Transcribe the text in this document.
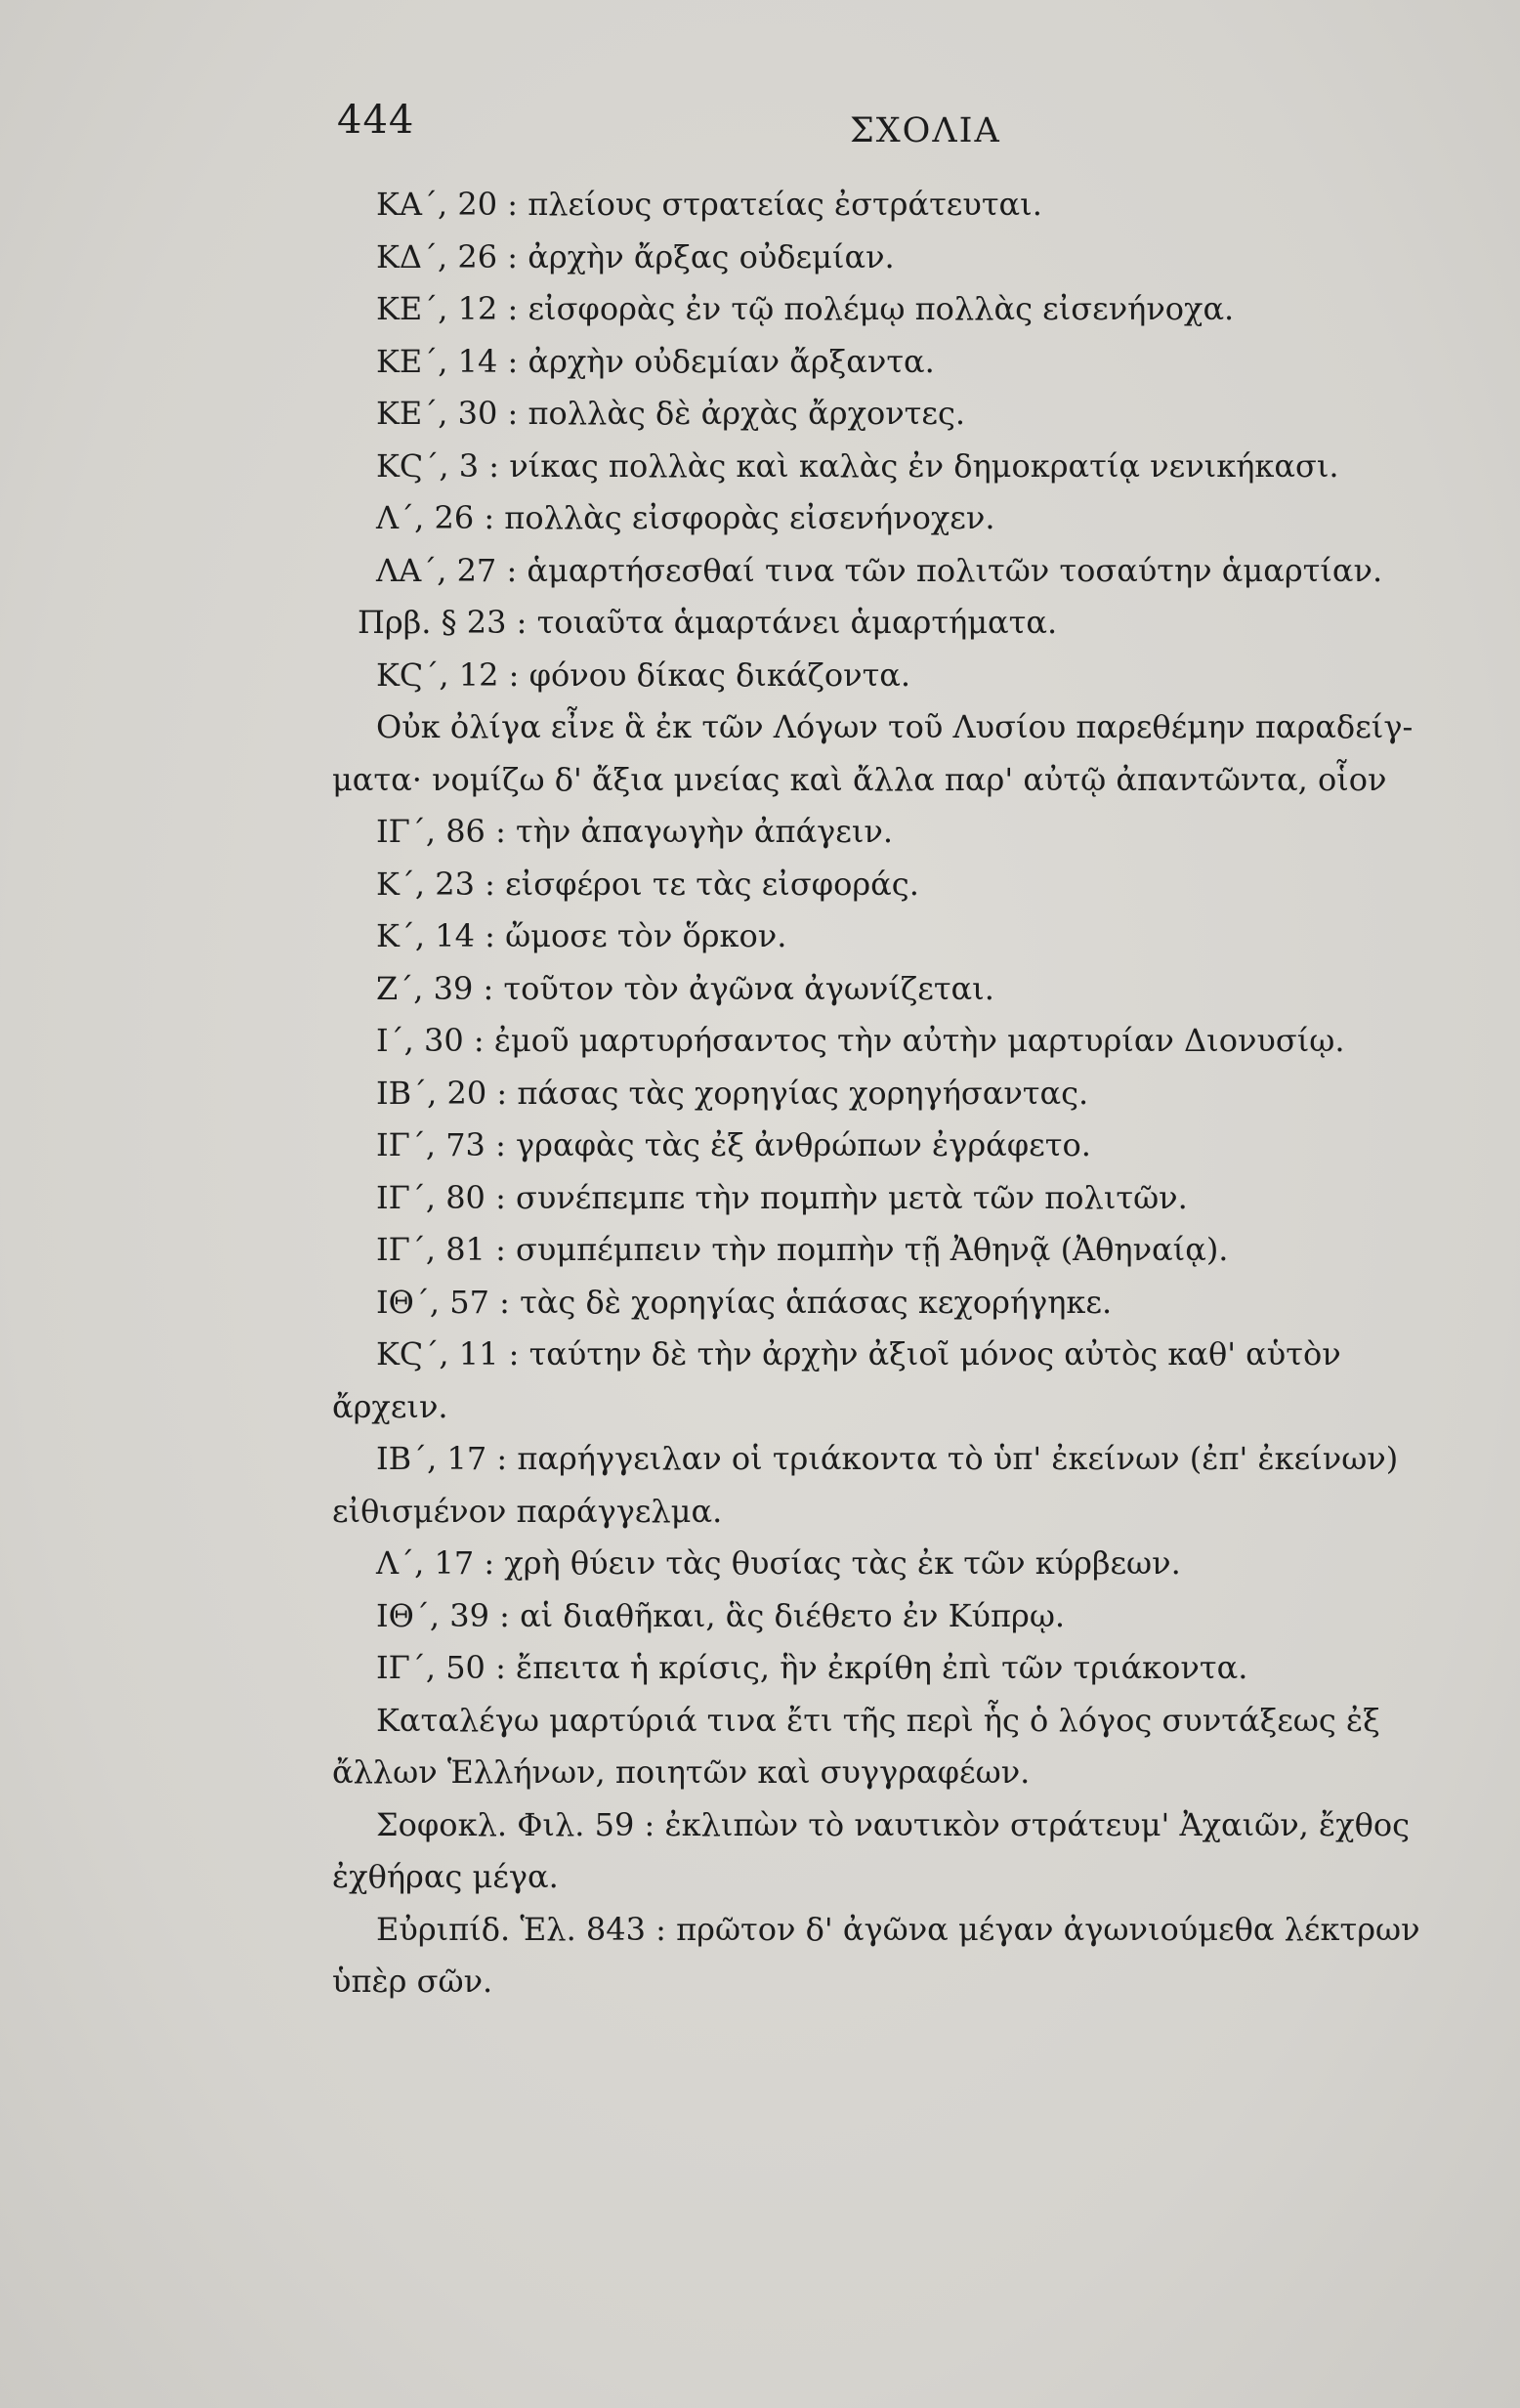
444	ΣΧΟΛΙΑ
ΚΑ΄, 20 : πλείους στρατείας ἐστράτευται.
ΚΔ΄, 26 : ἀρχὴν ἄρξας οὐδεμίαν.
ΚΕ΄, 12 : εἰσφορὰς ἐν τῷ πολέμῳ πολλὰς εἰσενήνοχα.
ΚΕ΄, 14 : ἀρχὴν οὐδεμίαν ἄρξαντα.
ΚΕ΄, 30 : πολλὰς δὲ ἀρχὰς ἄρχοντες.
ΚϚ΄, 3 : νίκας πολλὰς καὶ καλὰς ἐν δημοκρατίᾳ νενικήκασι.
Λ΄, 26 : πολλὰς εἰσφορὰς εἰσενήνοχεν.
ΛΑ΄, 27 : ἁμαρτήσεσθαί τινα τῶν πολιτῶν τοσαύτην ἁμαρτίαν.
Πρβ. § 23 : τοιαῦτα ἁμαρτάνει ἁμαρτήματα.
ΚϚ΄, 12 : φόνου δίκας δικάζοντα.
Οὐκ ὀλίγα εἶνε ἃ ἐκ τῶν Λόγων τοῦ Λυσίου παρεθέμην παραδείγ-
ματα· νομίζω δ' ἄξια μνείας καὶ ἄλλα παρ' αὐτῷ ἀπαντῶντα, οἷον
ΙΓ΄, 86 : τὴν ἀπαγωγὴν ἀπάγειν.
Κ΄, 23 : εἰσφέροι τε τὰς εἰσφοράς.
Κ΄, 14 : ὤμοσε τὸν ὅρκον.
Ζ΄, 39 : τοῦτον τὸν ἀγῶνα ἀγωνίζεται.
Ι΄, 30 : ἐμοῦ μαρτυρήσαντος τὴν αὐτὴν μαρτυρίαν Διονυσίῳ.
ΙΒ΄, 20 : πάσας τὰς χορηγίας χορηγήσαντας.
ΙΓ΄, 73 : γραφὰς τὰς ἐξ ἀνθρώπων ἐγράφετο.
ΙΓ΄, 80 : συνέπεμπε τὴν πομπὴν μετὰ τῶν πολιτῶν.
ΙΓ΄, 81 : συμπέμπειν τὴν πομπὴν τῇ Ἀθηνᾷ (Ἀθηναίᾳ).
ΙΘ΄, 57 : τὰς δὲ χορηγίας ἁπάσας κεχορήγηκε.
ΚϚ΄, 11 : ταύτην δὲ τὴν ἀρχὴν ἀξιοῖ μόνος αὐτὸς καθ' αὑτὸν
ἄρχειν.
ΙΒ΄, 17 : παρήγγειλαν οἱ τριάκοντα τὸ ὑπ' ἐκείνων (ἐπ' ἐκείνων)
εἰθισμένον παράγγελμα.
Λ΄, 17 : χρὴ θύειν τὰς θυσίας τὰς ἐκ τῶν κύρβεων.
ΙΘ΄, 39 : αἱ διαθῆκαι, ἃς διέθετο ἐν Κύπρῳ.
ΙΓ΄, 50 : ἔπειτα ἡ κρίσις, ἣν ἐκρίθη ἐπὶ τῶν τριάκοντα.
Καταλέγω μαρτύριά τινα ἔτι τῆς περὶ ἧς ὁ λόγος συντάξεως ἐξ
ἄλλων Ἑλλήνων, ποιητῶν καὶ συγγραφέων.
Σοφοκλ. Φιλ. 59 : ἐκλιπὼν τὸ ναυτικὸν στράτευμ' Ἀχαιῶν, ἔχθος
ἐχθήρας μέγα.
Εὐριπίδ. Ἑλ. 843 : πρῶτον δ' ἀγῶνα μέγαν ἀγωνιούμεθα λέκτρων
ὑπὲρ σῶν.
